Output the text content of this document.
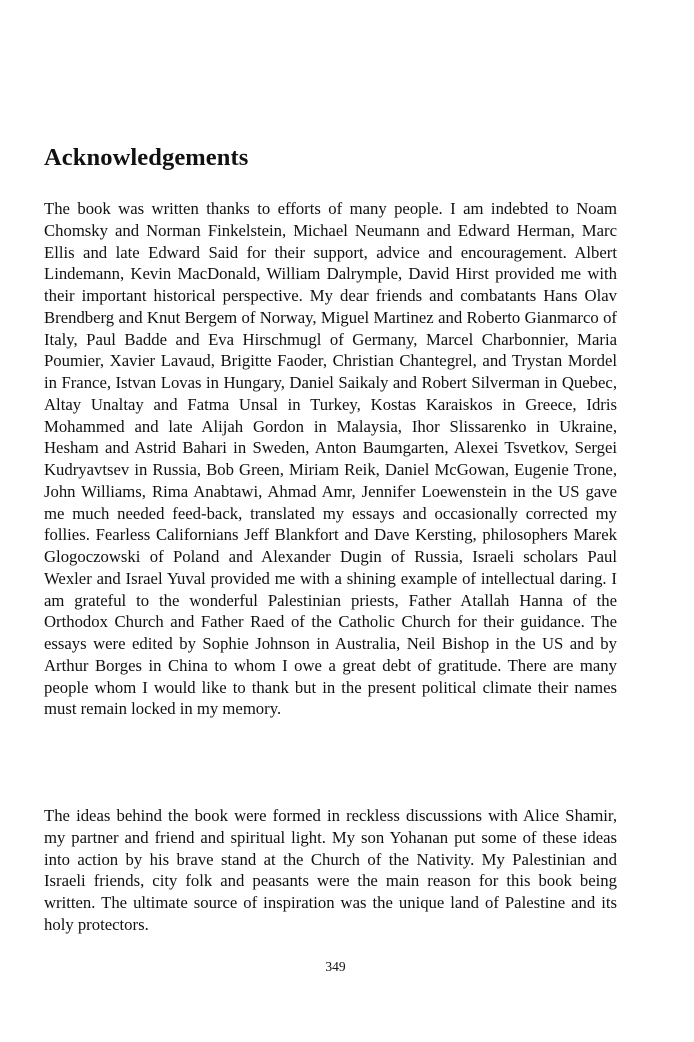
Acknowledgements

The book was written thanks to efforts of many people. I am indebted to Noam Chomsky and Norman Finkelstein, Michael Neumann and Edward Herman, Marc Ellis and late Edward Said for their support, advice and encouragement. Albert Lindemann, Kevin MacDonald, William Dalrymple, David Hirst provided me with their important historical perspective. My dear friends and combatants Hans Olav Brendberg and Knut Bergem of Norway, Miguel Martinez and Roberto Gianmarco of Italy, Paul Badde and Eva Hirschmugl of Germany, Marcel Charbonnier, Maria Poumier, Xavier Lavaud, Brigitte Faoder, Christian Chantegrel, and Trystan Mordel in France, Istvan Lovas in Hungary, Daniel Saikaly and Robert Silverman in Quebec, Altay Unaltay and Fatma Unsal in Turkey, Kostas Karaiskos in Greece, Idris Mohammed and late Alijah Gordon in Malaysia, Ihor Slissarenko in Ukraine, Hesham and Astrid Bahari in Sweden, Anton Baumgarten, Alexei Tsvetkov, Sergei Kudryavtsev in Russia, Bob Green, Miriam Reik, Daniel McGowan, Eugenie Trone, John Williams, Rima Anabtawi, Ahmad Amr, Jennifer Loewenstein in the US gave me much needed feed-back, translated my essays and occasionally corrected my follies. Fearless Californians Jeff Blankfort and Dave Kersting, philosophers Marek Glogoczowski of Poland and Alexander Dugin of Russia, Israeli scholars Paul Wexler and Israel Yuval provided me with a shining example of intellectual daring. I am grateful to the wonderful Palestinian priests, Father Atallah Hanna of the Orthodox Church and Father Raed of the Catholic Church for their guidance. The essays were edited by Sophie Johnson in Australia, Neil Bishop in the US and by Arthur Borges in China to whom I owe a great debt of gratitude. There are many people whom I would like to thank but in the present political climate their names must remain locked in my memory.

The ideas behind the book were formed in reckless discussions with Alice Shamir, my partner and friend and spiritual light. My son Yohanan put some of these ideas into action by his brave stand at the Church of the Nativity. My Palestinian and Israeli friends, city folk and peasants were the main reason for this book being written. The ultimate source of inspiration was the unique land of Palestine and its holy protectors.

349
